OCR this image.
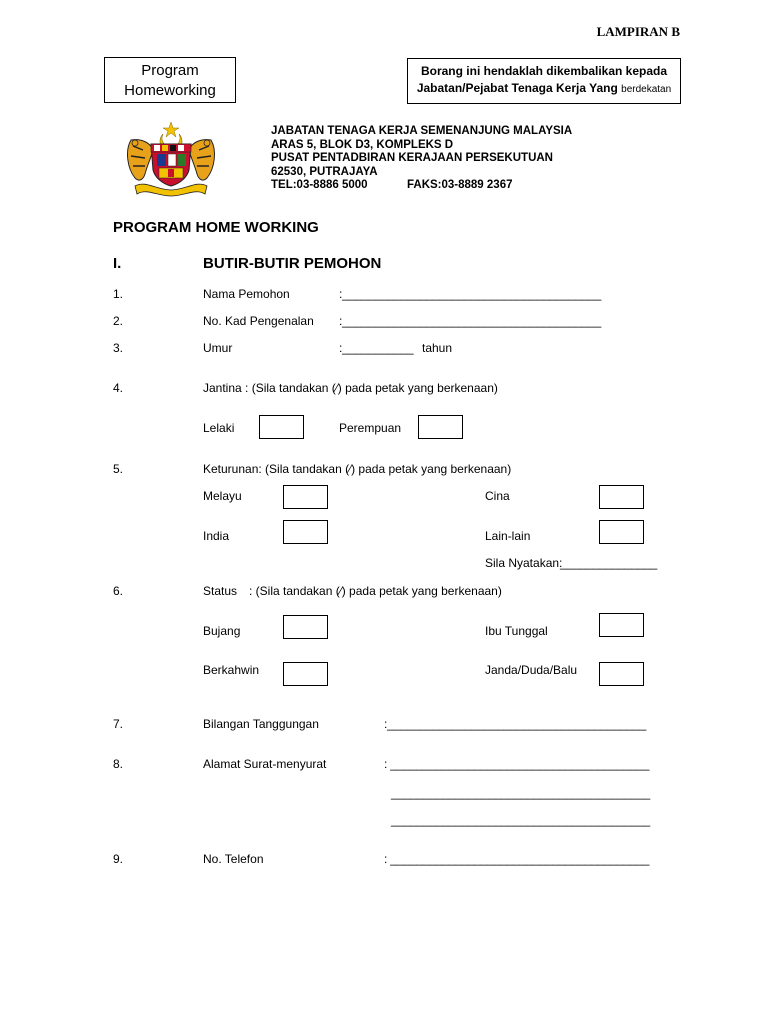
LAMPIRAN B
Program
Homeworking
Borang ini hendaklah dikembalikan kepada
Jabatan/Pejabat Tenaga Kerja Yang berdekatan
JABATAN TENAGA KERJA SEMENANJUNG MALAYSIA
ARAS 5, BLOK D3, KOMPLEKS D
PUSAT PENTADBIRAN KERAJAAN PERSEKUTUAN
62530, PUTRAJAYA
TEL:03-8886 5000	FAKS:03-8889 2367
PROGRAM HOME WORKING
I.	BUTIR-BUTIR PEMOHON
1.	Nama Pemohon	:________________________________________
2.	No. Kad Pengenalan :________________________________________
3.	Umur	:___________ tahun
4.	Jantina : (Sila tandakan (⁄) pada petak yang berkenaan)
Lelaki	Perempuan
5.	Keturunan: (Sila tandakan (⁄) pada petak yang berkenaan)
Melayu	Cina
India	Lain-lain
Sila Nyatakan:
_______________
6.	Status : (Sila tandakan (⁄) pada petak yang berkenaan)
Bujang	Ibu Tunggal
Berkahwin	Janda/Duda/Balu
7.	Bilangan Tanggungan	:________________________________________
8.	Alamat Surat-menyurat	: ________________________________________
________________________________________
________________________________________
9.	No. Telefon	: ________________________________________
